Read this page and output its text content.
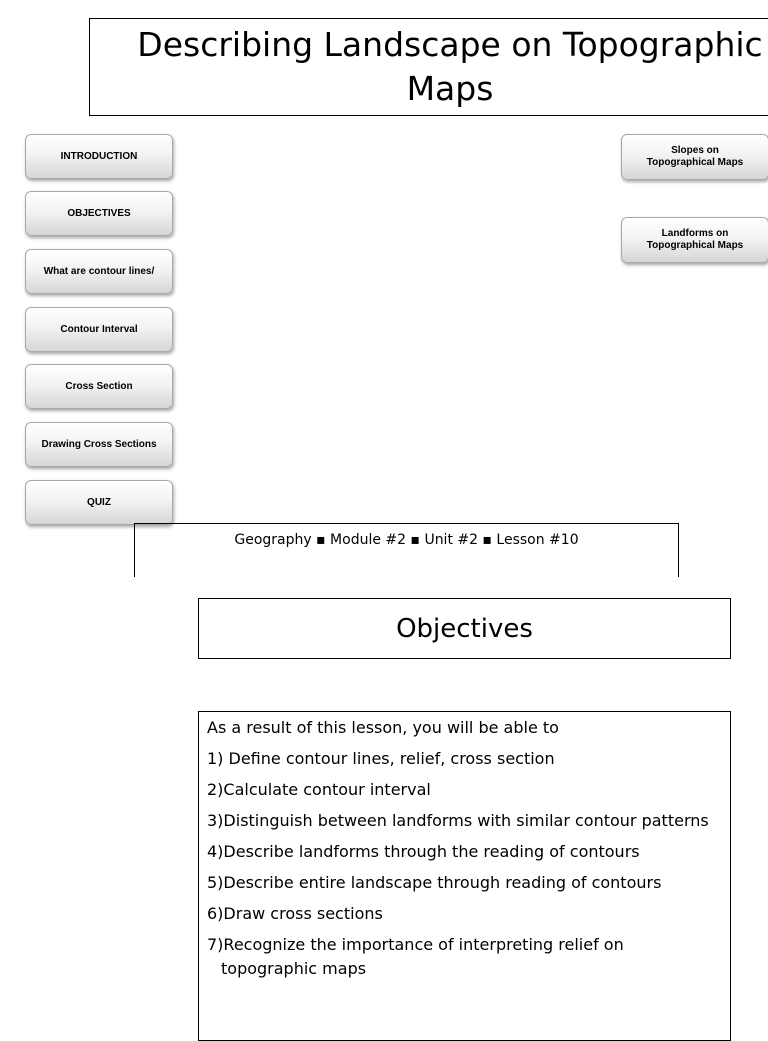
Describing Landscape on Topographic
Maps
INTRODUCTION
OBJECTIVES
What are contour lines/
Contour Interval
Cross Section
Drawing Cross Sections
QUIZ
Slopes on
Topographical Maps
Landforms on
Topographical Maps
Geography ▪ Module #2 ▪ Unit #2 ▪ Lesson #10
Objectives
As a result of this lesson, you will be able to
1) Define contour lines, relief, cross section
2)Calculate contour interval
3)Distinguish between landforms with similar contour patterns
4)Describe landforms through the reading of contours
5)Describe entire landscape through reading of contours
6)Draw cross sections
7)Recognize the importance of interpreting relief on topographic maps
